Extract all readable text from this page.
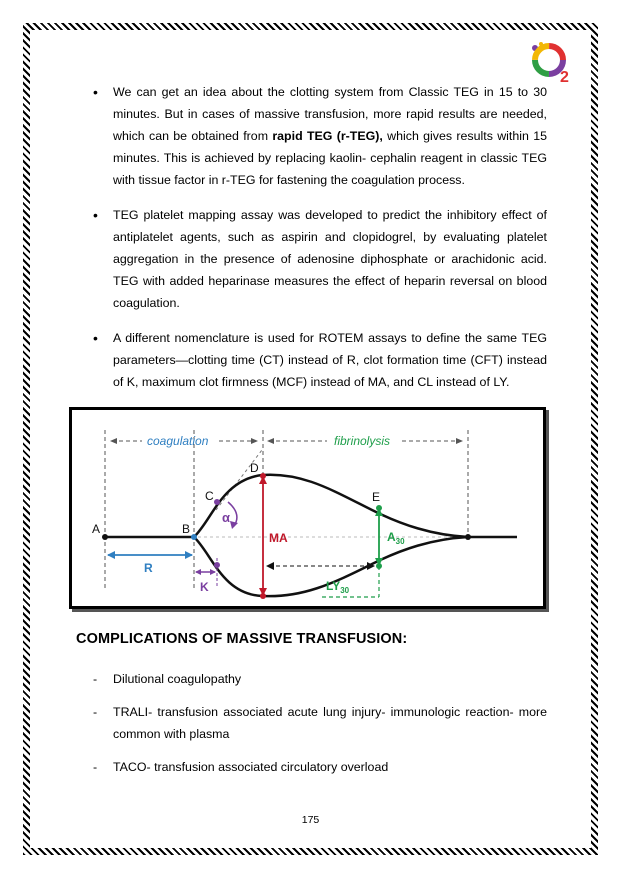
2
• We can get an idea about the clotting system from Classic TEG in 15 to 30 minutes. But in cases of massive transfusion, more rapid results are needed, which can be obtained from rapid TEG (r-TEG), which gives results within 15 minutes. This is achieved by replacing kaolin- cephalin reagent in classic TEG with tissue factor in r-TEG for fastening the coagulation process.
• TEG platelet mapping assay was developed to predict the inhibitory effect of antiplatelet agents, such as aspirin and clopidogrel, by evaluating platelet aggregation in the presence of adenosine diphosphate or arachidonic acid. TEG with added heparinase measures the effect of heparin reversal on blood coagulation.
• A different nomenclature is used for ROTEM assays to define the same TEG parameters—clotting time (CT) instead of R, clot formation time (CFT) instead of K, maximum clot firmness (MCF) instead of MA, and CL instead of LY.
coagulation	fibrinolysis
MA	$A_{30}$
$LY_{30}$
R
K
α
A	B
C
D
E
COMPLICATIONS OF MASSIVE TRANSFUSION:
- Dilutional coagulopathy
- TRALI- transfusion associated acute lung injury- immunologic reaction- more common with plasma
- TACO- transfusion associated circulatory overload
175
